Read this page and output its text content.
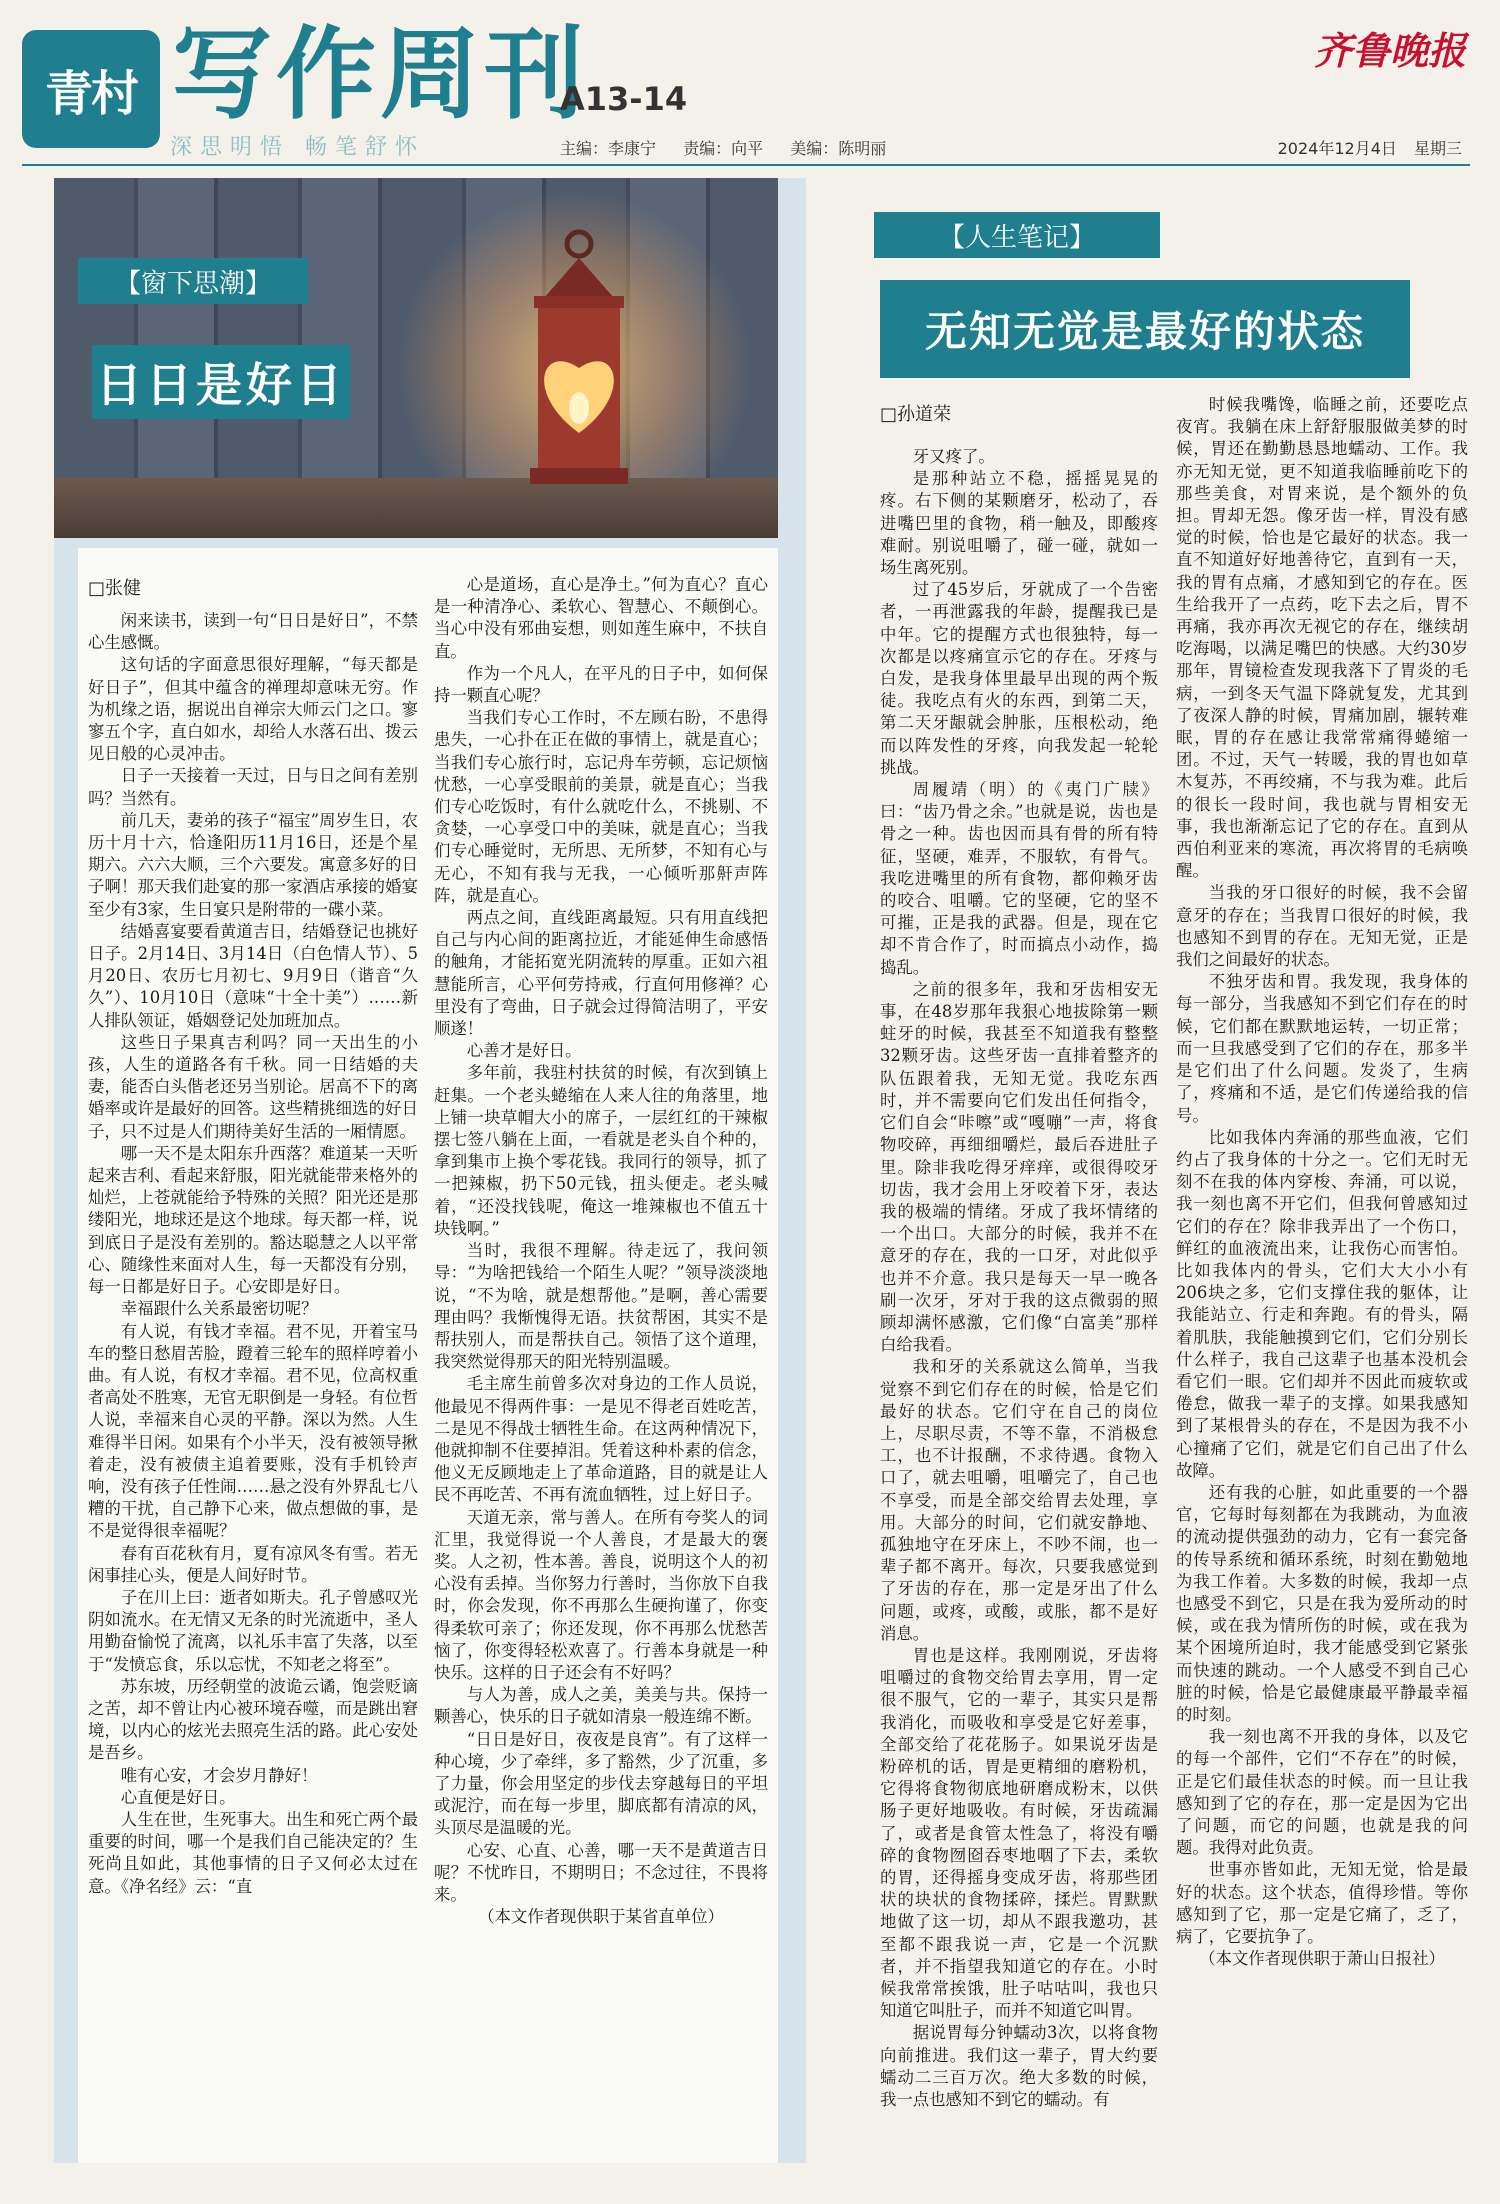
青村 写作周刊
A13-14
齐鲁晚报
深思明悟 畅笔舒怀	主编：李康宁 责编：向平 美编：陈明丽	2024年12月4日 星期三
【窗下思潮】
日日是好日
□张健

闲来读书，读到一句“日日是好日”，不禁心生感慨。

这句话的字面意思很好理解，“每天都是好日子”，但其中蕴含的禅理却意味无穷。作为机缘之语，据说出自禅宗大师云门之口。寥寥五个字，直白如水，却给人水落石出、拨云见日般的心灵冲击。

日子一天接着一天过，日与日之间有差别吗？当然有。

前几天，妻弟的孩子“福宝”周岁生日，农历十月十六，恰逢阳历11月16日，还是个星期六。六六大顺，三个六要发。寓意多好的日子啊！那天我们赴宴的那一家酒店承接的婚宴至少有3家，生日宴只是附带的一碟小菜。

结婚喜宴要看黄道吉日，结婚登记也挑好日子。2月14日、3月14日（白色情人节）、5月20日、农历七月初七、9月9日（谐音“久久”）、10月10日（意味“十全十美”）……新人排队领证，婚姻登记处加班加点。

这些日子果真吉利吗？同一天出生的小孩，人生的道路各有千秋。同一日结婚的夫妻，能否白头偕老还另当别论。居高不下的离婚率或许是最好的回答。这些精挑细选的好日子，只不过是人们期待美好生活的一厢情愿。

哪一天不是太阳东升西落？难道某一天听起来吉利、看起来舒服，阳光就能带来格外的灿烂，上苍就能给予特殊的关照？阳光还是那缕阳光，地球还是这个地球。每天都一样，说到底日子是没有差别的。豁达聪慧之人以平常心、随缘性来面对人生，每一天都没有分别，每一日都是好日子。心安即是好日。

幸福跟什么关系最密切呢？

有人说，有钱才幸福。君不见，开着宝马车的整日愁眉苦脸，蹬着三轮车的照样哼着小曲。有人说，有权才幸福。君不见，位高权重者高处不胜寒，无官无职倒是一身轻。有位哲人说，幸福来自心灵的平静。深以为然。人生难得半日闲。如果有个小半天，没有被领导揪着走，没有被债主追着要账，没有手机铃声响，没有孩子任性闹……悬之没有外界乱七八糟的干扰，自己静下心来，做点想做的事，是不是觉得很幸福呢？

春有百花秋有月，夏有凉风冬有雪。若无闲事挂心头，便是人间好时节。

子在川上曰：逝者如斯夫。孔子曾感叹光阴如流水。在无情又无条的时光流逝中，圣人用勤奋愉悦了流离，以礼乐丰富了失落，以至于“发愤忘食，乐以忘忧，不知老之将至”。

苏东坡，历经朝堂的波诡云谲，饱尝贬谪之苦，却不曾让内心被环境吞噬，而是跳出窘境，以内心的炫光去照亮生活的路。此心安处是吾乡。

唯有心安，才会岁月静好！

心直便是好日。

人生在世，生死事大。出生和死亡两个最重要的时间，哪一个是我们自己能决定的？生死尚且如此，其他事情的日子又何必太过在意。《净名经》云：“直

心是道场，直心是净土。”何为直心？直心是一种清净心、柔软心、智慧心、不颠倒心。当心中没有邪曲妄想，则如莲生麻中，不扶自直。

作为一个凡人，在平凡的日子中，如何保持一颗直心呢？

当我们专心工作时，不左顾右盼，不患得患失，一心扑在正在做的事情上，就是直心；当我们专心旅行时，忘记舟车劳顿，忘记烦恼忧愁，一心享受眼前的美景，就是直心；当我们专心吃饭时，有什么就吃什么，不挑剔、不贪婪，一心享受口中的美味，就是直心；当我们专心睡觉时，无所思、无所梦，不知有心与无心，不知有我与无我，一心倾听那鼾声阵阵，就是直心。

两点之间，直线距离最短。只有用直线把自己与内心间的距离拉近，才能延伸生命感悟的触角，才能拓宽光阴流转的厚重。正如六祖慧能所言，心平何劳持戒，行直何用修禅？心里没有了弯曲，日子就会过得简洁明了，平安顺遂！

心善才是好日。

多年前，我驻村扶贫的时候，有次到镇上赶集。一个老头蜷缩在人来人往的角落里，地上铺一块草帽大小的席子，一层红红的干辣椒摆七签八躺在上面，一看就是老头自个种的，拿到集市上换个零花钱。我同行的领导，抓了一把辣椒，扔下50元钱，扭头便走。老头喊着，“还没找钱呢，俺这一堆辣椒也不值五十块钱啊。”

当时，我很不理解。待走远了，我问领导：“为啥把钱给一个陌生人呢？”领导淡淡地说，“不为啥，就是想帮他。”是啊，善心需要理由吗？我惭愧得无语。扶贫帮困，其实不是帮扶别人，而是帮扶自己。领悟了这个道理，我突然觉得那天的阳光特别温暖。

毛主席生前曾多次对身边的工作人员说，他最见不得两件事：一是见不得老百姓吃苦，二是见不得战士牺牲生命。在这两种情况下，他就抑制不住要掉泪。凭着这种朴素的信念，他义无反顾地走上了革命道路，目的就是让人民不再吃苦、不再有流血牺牲，过上好日子。

天道无亲，常与善人。在所有夸奖人的词汇里，我觉得说一个人善良，才是最大的褒奖。人之初，性本善。善良，说明这个人的初心没有丢掉。当你努力行善时，当你放下自我时，你会发现，你不再那么生硬拘谨了，你变得柔软可亲了；你还发现，你不再那么忧愁苦恼了，你变得轻松欢喜了。行善本身就是一种快乐。这样的日子还会有不好吗？

与人为善，成人之美，美美与共。保持一颗善心，快乐的日子就如清泉一般连绵不断。

“日日是好日，夜夜是良宵”。有了这样一种心境，少了牵绊，多了豁然，少了沉重，多了力量，你会用坚定的步伐去穿越每日的平坦或泥泞，而在每一步里，脚底都有清凉的风，头顶尽是温暖的光。

心安、心直、心善，哪一天不是黄道吉日呢？不忧昨日，不期明日；不念过往，不畏将来。

（本文作者现供职于某省直单位）

【人生笔记】
无知无觉是最好的状态
□孙道荣

牙又疼了。

是那种站立不稳，摇摇晃晃的疼。右下侧的某颗磨牙，松动了，吞进嘴巴里的食物，稍一触及，即酸疼难耐。别说咀嚼了，碰一碰，就如一场生离死别。

过了45岁后，牙就成了一个告密者，一再泄露我的年龄，提醒我已是中年。它的提醒方式也很独特，每一次都是以疼痛宣示它的存在。牙疼与白发，是我身体里最早出现的两个叛徒。我吃点有火的东西，到第二天，第二天牙龈就会肿胀，压根松动，绝而以阵发性的牙疼，向我发起一轮轮挑战。

周履靖（明）的《夷门广牍》曰：“齿乃骨之余。”也就是说，齿也是骨之一种。齿也因而具有骨的所有特征，坚硬，难弄，不服软，有骨气。我吃进嘴里的所有食物，都仰赖牙齿的咬合、咀嚼。它的坚硬，它的坚不可摧，正是我的武器。但是，现在它却不肯合作了，时而搞点小动作，捣捣乱。

之前的很多年，我和牙齿相安无事，在48岁那年我狠心地拔除第一颗蛀牙的时候，我甚至不知道我有整整32颗牙齿。这些牙齿一直排着整齐的队伍跟着我，无知无觉。我吃东西时，并不需要向它们发出任何指令，它们自会“咔嚓”或“嘎嘣”一声，将食物咬碎，再细细嚼烂，最后吞进肚子里。除非我吃得牙痒痒，或很得咬牙切齿，我才会用上牙咬着下牙，表达我的极端的情绪。牙成了我坏情绪的一个出口。大部分的时候，我并不在意牙的存在，我的一口牙，对此似乎也并不介意。我只是每天一早一晚各刷一次牙，牙对于我的这点微弱的照顾却满怀感激，它们像“白富美”那样白给我看。

我和牙的关系就这么简单，当我觉察不到它们存在的时候，恰是它们最好的状态。它们守在自己的岗位上，尽职尽责，不等不靠，不消极怠工，也不计报酬，不求待遇。食物入口了，就去咀嚼，咀嚼完了，自己也不享受，而是全部交给胃去处理，享用。大部分的时间，它们就安静地、孤独地守在牙床上，不吵不闹，也一辈子都不离开。每次，只要我感觉到了牙齿的存在，那一定是牙出了什么问题，或疼，或酸，或胀，都不是好消息。

胃也是这样。我刚刚说，牙齿将咀嚼过的食物交给胃去享用，胃一定很不服气，它的一辈子，其实只是帮我消化，而吸收和享受是它好差事，全部交给了花花肠子。如果说牙齿是粉碎机的话，胃是更精细的磨粉机，它得将食物彻底地研磨成粉末，以供肠子更好地吸收。有时候，牙齿疏漏了，或者是食管太性急了，将没有嚼碎的食物囫囵吞枣地咽了下去，柔软的胃，还得摇身变成牙齿，将那些团状的块状的食物揉碎，揉烂。胃默默地做了这一切，却从不跟我邀功，甚至都不跟我说一声，它是一个沉默者，并不指望我知道它的存在。小时候我常常挨饿，肚子咕咕叫，我也只知道它叫肚子，而并不知道它叫胃。

据说胃每分钟蠕动3次，以将食物向前推进。我们这一辈子，胃大约要蠕动二三百万次。绝大多数的时候，我一点也感知不到它的蠕动。有

时候我嘴馋，临睡之前，还要吃点夜宵。我躺在床上舒舒服服做美梦的时候，胃还在勤勤恳恳地蠕动、工作。我亦无知无觉，更不知道我临睡前吃下的那些美食，对胃来说，是个额外的负担。胃却无怨。像牙齿一样，胃没有感觉的时候，恰也是它最好的状态。我一直不知道好好地善待它，直到有一天，我的胃有点痛，才感知到它的存在。医生给我开了一点药，吃下去之后，胃不再痛，我亦再次无视它的存在，继续胡吃海喝，以满足嘴巴的快感。大约30岁那年，胃镜检查发现我落下了胃炎的毛病，一到冬天气温下降就复发，尤其到了夜深人静的时候，胃痛加剧，辗转难眠，胃的存在感让我常常痛得蜷缩一团。不过，天气一转暖，我的胃也如草木复苏，不再绞痛，不与我为难。此后的很长一段时间，我也就与胃相安无事，我也渐渐忘记了它的存在。直到从西伯利亚来的寒流，再次将胃的毛病唤醒。

当我的牙口很好的时候，我不会留意牙的存在；当我胃口很好的时候，我也感知不到胃的存在。无知无觉，正是我们之间最好的状态。

不独牙齿和胃。我发现，我身体的每一部分，当我感知不到它们存在的时候，它们都在默默地运转，一切正常；而一旦我感受到了它们的存在，那多半是它们出了什么问题。发炎了，生病了，疼痛和不适，是它们传递给我的信号。

比如我体内奔涌的那些血液，它们约占了我身体的十分之一。它们无时无刻不在我的体内穿梭、奔涌，可以说，我一刻也离不开它们，但我何曾感知过它们的存在？除非我弄出了一个伤口，鲜红的血液流出来，让我伤心而害怕。比如我体内的骨头，它们大大小小有206块之多，它们支撑住我的躯体，让我能站立、行走和奔跑。有的骨头，隔着肌肤，我能触摸到它们，它们分别长什么样子，我自己这辈子也基本没机会看它们一眼。它们却并不因此而疲软或倦怠，做我一辈子的支撑。如果我感知到了某根骨头的存在，不是因为我不小心撞痛了它们，就是它们自己出了什么故障。

还有我的心脏，如此重要的一个器官，它每时每刻都在为我跳动，为血液的流动提供强劲的动力，它有一套完备的传导系统和循环系统，时刻在勤勉地为我工作着。大多数的时候，我却一点也感受不到它，只是在我为爱所动的时候，或在我为情所伤的时候，或在我为某个困境所迫时，我才能感受到它紧张而快速的跳动。一个人感受不到自己心脏的时候，恰是它最健康最平静最幸福的时刻。

我一刻也离不开我的身体，以及它的每一个部件，它们“不存在”的时候，正是它们最佳状态的时候。而一旦让我感知到了它的存在，那一定是因为它出了问题，而它的问题，也就是我的问题。我得对此负责。

世事亦皆如此，无知无觉，恰是最好的状态。这个状态，值得珍惜。等你感知到了它，那一定是它痛了，乏了，病了，它要抗争了。

（本文作者现供职于萧山日报社）
